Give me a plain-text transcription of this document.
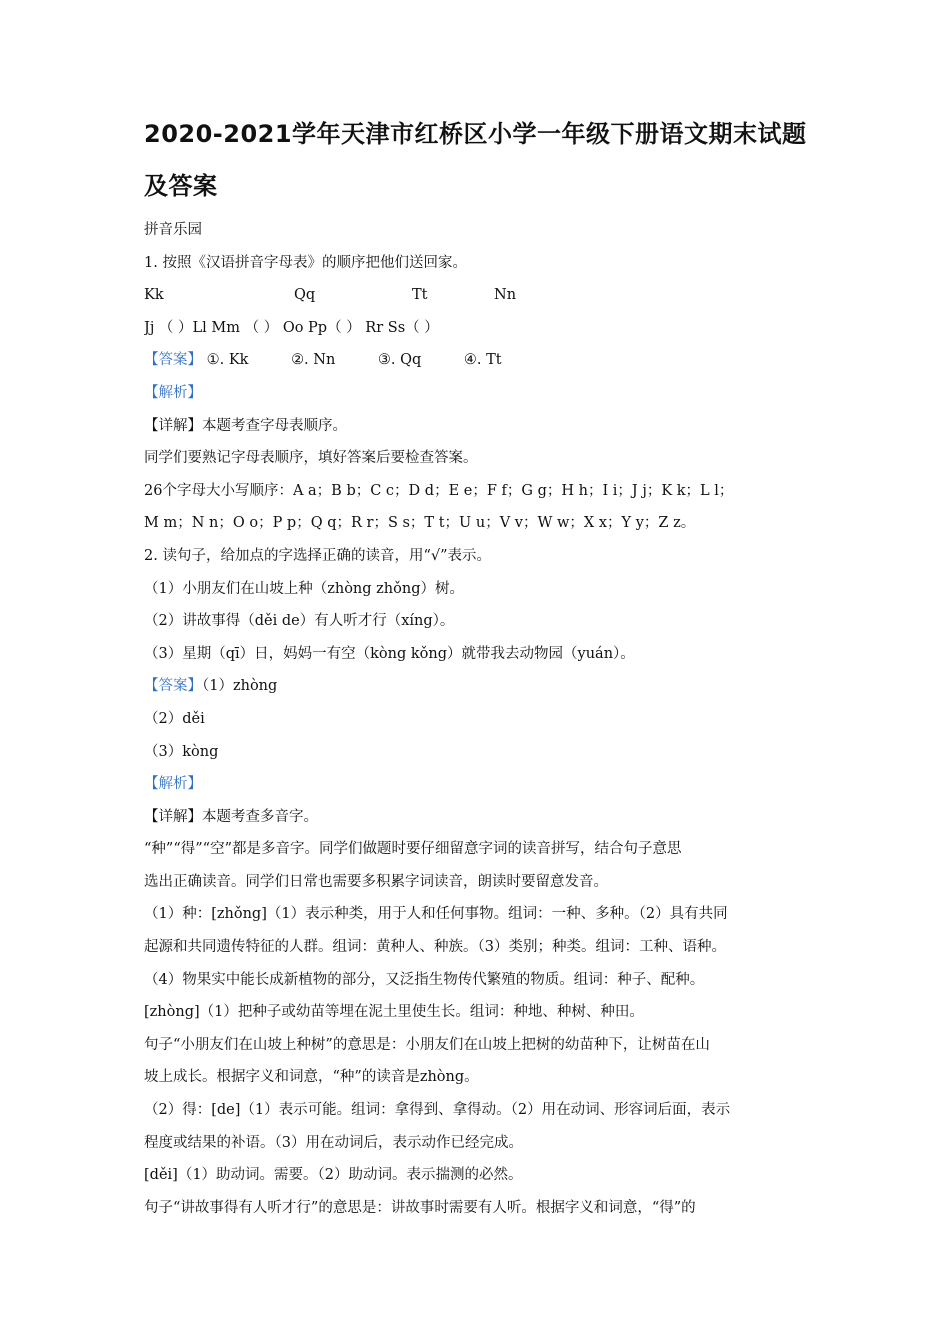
2020-2021学年天津市红桥区小学一年级下册语文期末试题及答案
拼音乐园
1. 按照《汉语拼音字母表》的顺序把他们送回家。
Kk	Qq	Tt	Nn
Jj （ ）Ll Mm （ ） Oo Pp（ ） Rr Ss（ ）
【答案】 ①. Kk	②. Nn	③. Qq	④. Tt
【解析】
【详解】本题考查字母表顺序。
同学们要熟记字母表顺序，填好答案后要检查答案。
26个字母大小写顺序：A a；B b；C c；D d；E e；F f；G g；H h；I i；J j；K k；L l；
M m；N n；O o；P p；Q q；R r；S s；T t；U u；V v；W w；X x；Y y；Z z。
2. 读句子，给加点的字选择正确的读音，用“√”表示。
（1）小朋友们在山坡上种（zhòng zhǒng）树。
（2）讲故事得（děi de）有人听才行（xíng）。
（3）星期（qī）日，妈妈一有空（kòng kǒng）就带我去动物园（yuán）。
【答案】（1）zhòng
（2）děi
（3）kòng
【解析】
【详解】本题考查多音字。
“种”“得”“空”都是多音字。同学们做题时要仔细留意字词的读音拼写，结合句子意思
选出正确读音。同学们日常也需要多积累字词读音，朗读时要留意发音。
（1）种：[zhǒng]（1）表示种类，用于人和任何事物。组词：一种、多种。（2）具有共同
起源和共同遗传特征的人群。组词：黄种人、种族。（3）类别；种类。组词：工种、语种。
（4）物果实中能长成新植物的部分，又泛指生物传代繁殖的物质。组词：种子、配种。
[zhòng]（1）把种子或幼苗等埋在泥土里使生长。组词：种地、种树、种田。
句子“小朋友们在山坡上种树”的意思是：小朋友们在山坡上把树的幼苗种下，让树苗在山
坡上成长。根据字义和词意，“种”的读音是zhòng。
（2）得：[de]（1）表示可能。组词：拿得到、拿得动。（2）用在动词、形容词后面，表示
程度或结果的补语。（3）用在动词后，表示动作已经完成。
[děi]（1）助动词。需要。（2）助动词。表示揣测的必然。
句子“讲故事得有人听才行”的意思是：讲故事时需要有人听。根据字义和词意，“得”的
